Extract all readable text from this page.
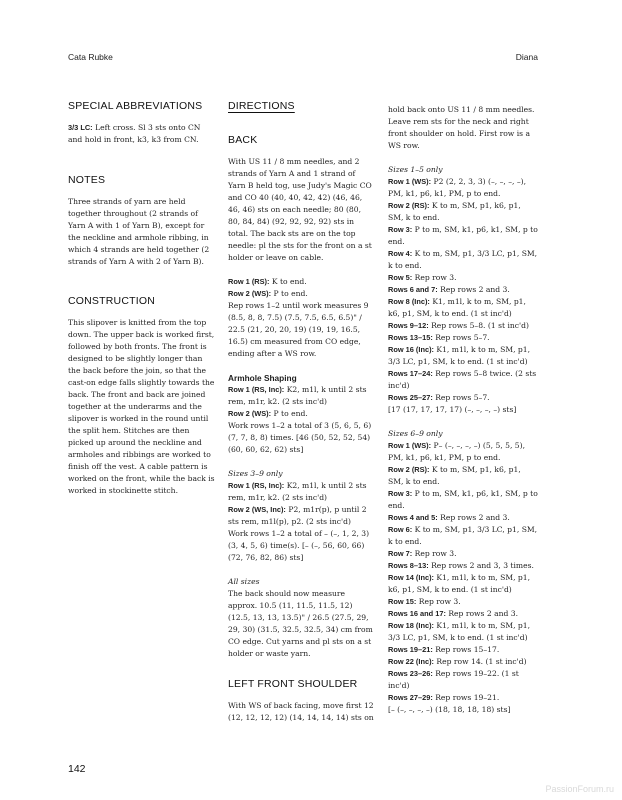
Cata Rubke	Diana
SPECIAL ABBREVIATIONS

3/3 LC: Left cross. Sl 3 sts onto CN and hold in front, k3, k3 from CN.

NOTES

Three strands of yarn are held together throughout (2 strands of Yarn A with 1 of Yarn B), except for the neckline and armhole ribbing, in which 4 strands are held together (2 strands of Yarn A with 2 of Yarn B).

CONSTRUCTION

This slipover is knitted from the top down. The upper back is worked first, followed by both fronts. The front is designed to be slightly longer than the back before the join, so that the cast-on edge falls slightly towards the back. The front and back are joined together at the underarms and the slipover is worked in the round until the split hem. Stitches are then picked up around the neckline and armholes and ribbings are worked to finish off the vest. A cable pattern is worked on the front, while the back is worked in stockinette stitch.

DIRECTIONS
BACK

With US 11 / 8 mm needles, and 2 strands of Yarn A and 1 strand of Yarn B held tog, use Judy's Magic CO and CO 40 (40, 40, 42, 42) (46, 46, 46, 46) sts on each needle; 80 (80, 80, 84, 84) (92, 92, 92, 92) sts in total. The back sts are on the top needle: pl the sts for the front on a st holder or leave on cable.

Row 1 (RS): K to end.

Row 2 (WS): P to end.

Rep rows 1–2 until work measures 9 (8.5, 8, 8, 7.5) (7.5, 7.5, 6.5, 6.5)" / 22.5 (21, 20, 20, 19) (19, 19, 16.5, 16.5) cm measured from CO edge, ending after a WS row.

Armhole Shaping

Row 1 (RS, Inc): K2, m1l, k until 2 sts rem, m1r, k2. (2 sts inc'd)

Row 2 (WS): P to end.

Work rows 1–2 a total of 3 (5, 6, 5, 6) (7, 7, 8, 8) times. [46 (50, 52, 52, 54) (60, 60, 62, 62) sts]

Sizes 3–9 only

Row 1 (RS, Inc): K2, m1l, k until 2 sts rem, m1r, k2. (2 sts inc'd)

Row 2 (WS, Inc): P2, m1r(p), p until 2 sts rem, m1l(p), p2. (2 sts inc'd)

Work rows 1–2 a total of – (–, 1, 2, 3) (3, 4, 5, 6) time(s). [– (–, 56, 60, 66) (72, 76, 82, 86) sts]

All sizes

The back should now measure approx. 10.5 (11, 11.5, 11.5, 12) (12.5, 13, 13, 13.5)" / 26.5 (27.5, 29, 29, 30) (31.5, 32.5, 32.5, 34) cm from CO edge. Cut yarns and pl sts on a st holder or waste yarn.

LEFT FRONT SHOULDER

With WS of back facing, move first 12 (12, 12, 12, 12) (14, 14, 14, 14) sts on

hold back onto US 11 / 8 mm needles. Leave rem sts for the neck and right front shoulder on hold. First row is a WS row.

Sizes 1–5 only

Row 1 (WS): P2 (2, 2, 3, 3) (–, –, –, –), PM, k1, p6, k1, PM, p to end.

Row 2 (RS): K to m, SM, p1, k6, p1, SM, k to end.

Row 3: P to m, SM, k1, p6, k1, SM, p to end.

Row 4: K to m, SM, p1, 3/3 LC, p1, SM, k to end.

Row 5: Rep row 3.

Rows 6 and 7: Rep rows 2 and 3.

Row 8 (Inc): K1, m1l, k to m, SM, p1, k6, p1, SM, k to end. (1 st inc'd)

Rows 9–12: Rep rows 5–8. (1 st inc'd)

Rows 13–15: Rep rows 5–7.

Row 16 (Inc): K1, m1l, k to m, SM, p1, 3/3 LC, p1, SM, k to end. (1 st inc'd)

Rows 17–24: Rep rows 5–8 twice. (2 sts inc'd)

Rows 25–27: Rep rows 5–7.

[17 (17, 17, 17, 17) (–, –, –, –) sts]

Sizes 6–9 only

Row 1 (WS): P– (–, –, –, –) (5, 5, 5, 5), PM, k1, p6, k1, PM, p to end.

Row 2 (RS): K to m, SM, p1, k6, p1, SM, k to end.

Row 3: P to m, SM, k1, p6, k1, SM, p to end.

Rows 4 and 5: Rep rows 2 and 3.

Row 6: K to m, SM, p1, 3/3 LC, p1, SM, k to end.

Row 7: Rep row 3.

Rows 8–13: Rep rows 2 and 3, 3 times.

Row 14 (Inc): K1, m1l, k to m, SM, p1, k6, p1, SM, k to end. (1 st inc'd)

Row 15: Rep row 3.

Rows 16 and 17: Rep rows 2 and 3.

Row 18 (Inc): K1, m1l, k to m, SM, p1, 3/3 LC, p1, SM, k to end. (1 st inc'd)

Rows 19–21: Rep rows 15–17.

Row 22 (Inc): Rep row 14. (1 st inc'd)

Rows 23–26: Rep rows 19–22. (1 st inc'd)

Rows 27–29: Rep rows 19–21.

[– (–, –, –, –) (18, 18, 18, 18) sts]

142
PassionForum.ru
